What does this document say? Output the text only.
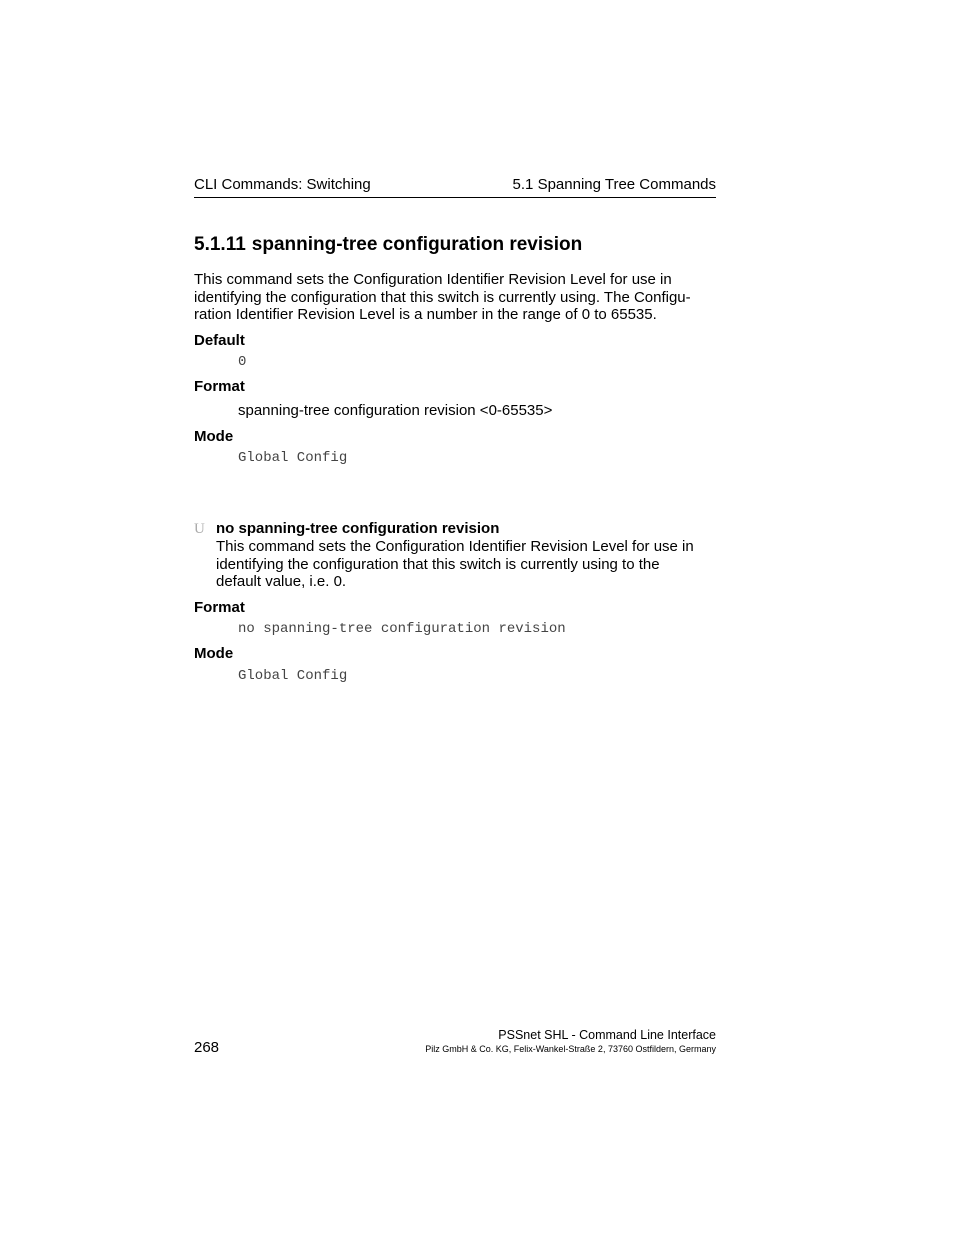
CLI Commands: Switching	5.1 Spanning Tree Commands
5.1.11 spanning-tree configuration revision
This command sets the Configuration Identifier Revision Level for use in
identifying the configuration that this switch is currently using. The Configu-
ration Identifier Revision Level is a number in the range of 0 to 65535.
Default
0
Format
spanning-tree configuration revision <0-65535>
Mode
Global Config
U no spanning-tree configuration revision
This command sets the Configuration Identifier Revision Level for use in
identifying the configuration that this switch is currently using to the
default value, i.e. 0.
Format
no spanning-tree configuration revision
Mode
Global Config
268
PSSnet SHL - Command Line Interface
Pilz GmbH & Co. KG, Felix-Wankel-Straße 2, 73760 Ostfildern, Germany
